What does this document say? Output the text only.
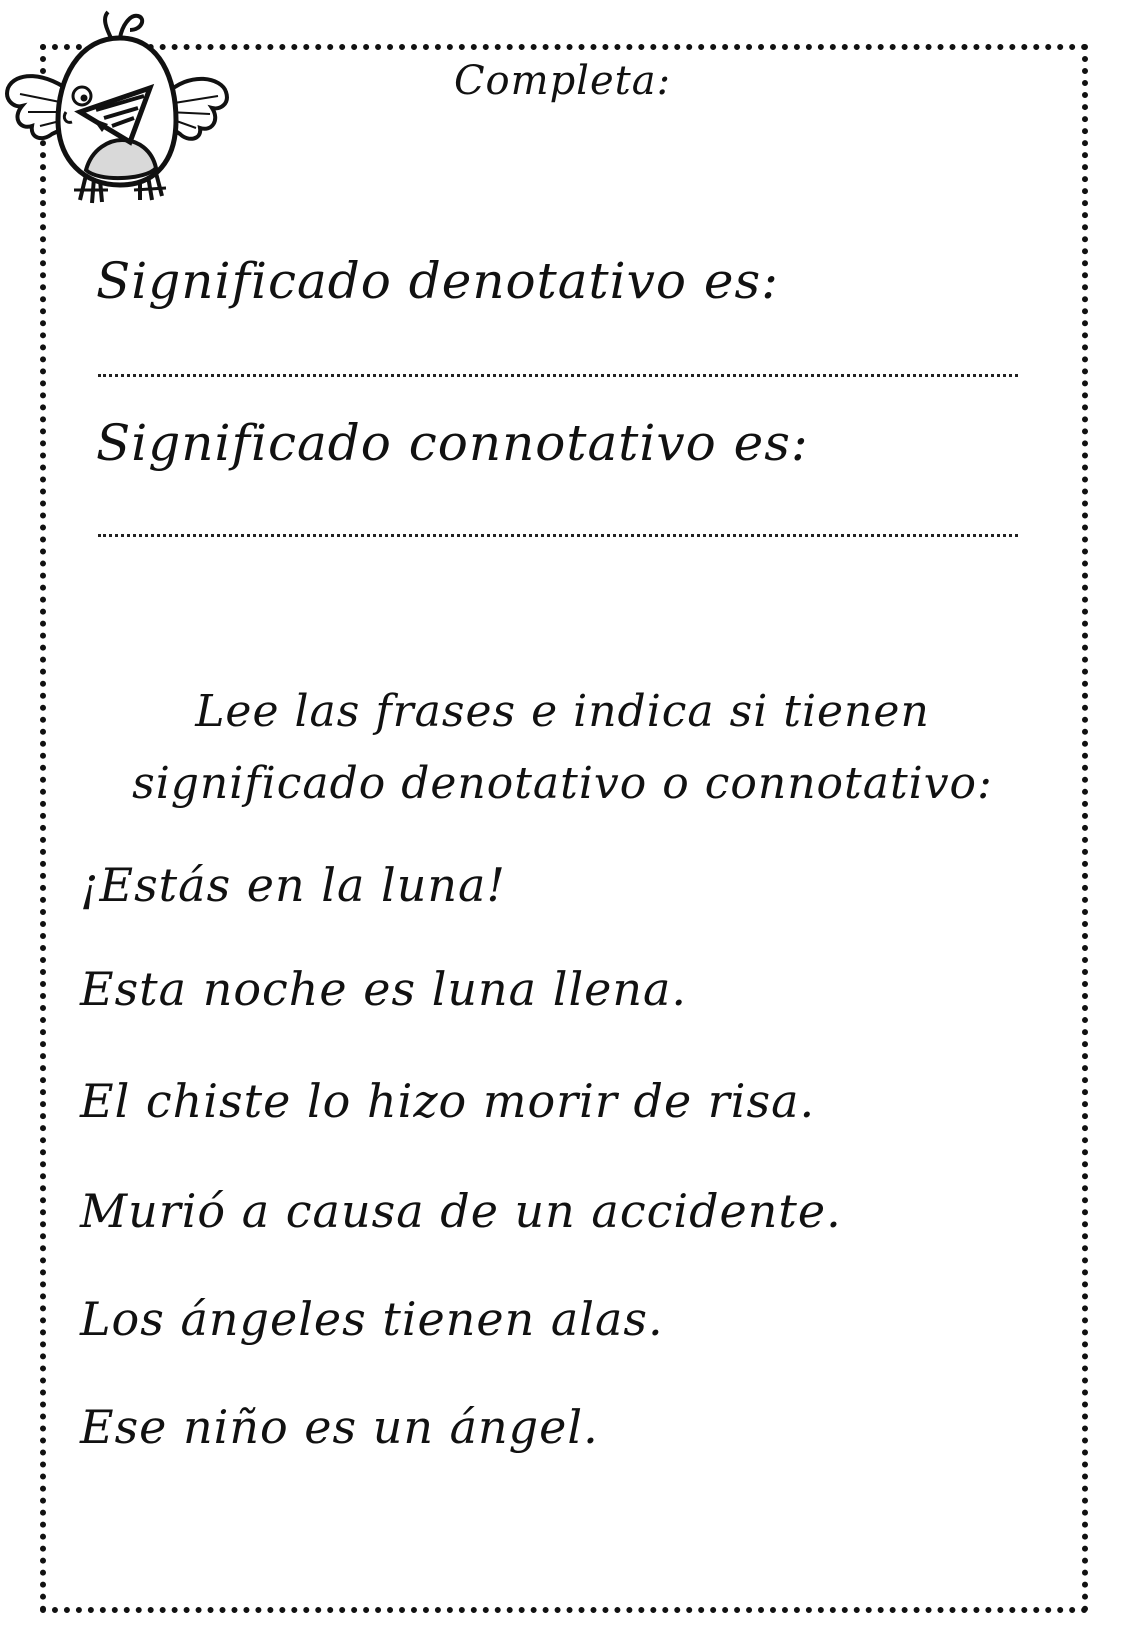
Completa:
Significado denotativo es:
Significado connotativo es:
Lee las frases e indica si tienen significado denotativo o connotativo:
¡Estás en la luna!
Esta noche es luna llena.
El chiste lo hizo morir de risa.
Murió a causa de un accidente.
Los ángeles tienen alas.
Ese niño es un ángel.
